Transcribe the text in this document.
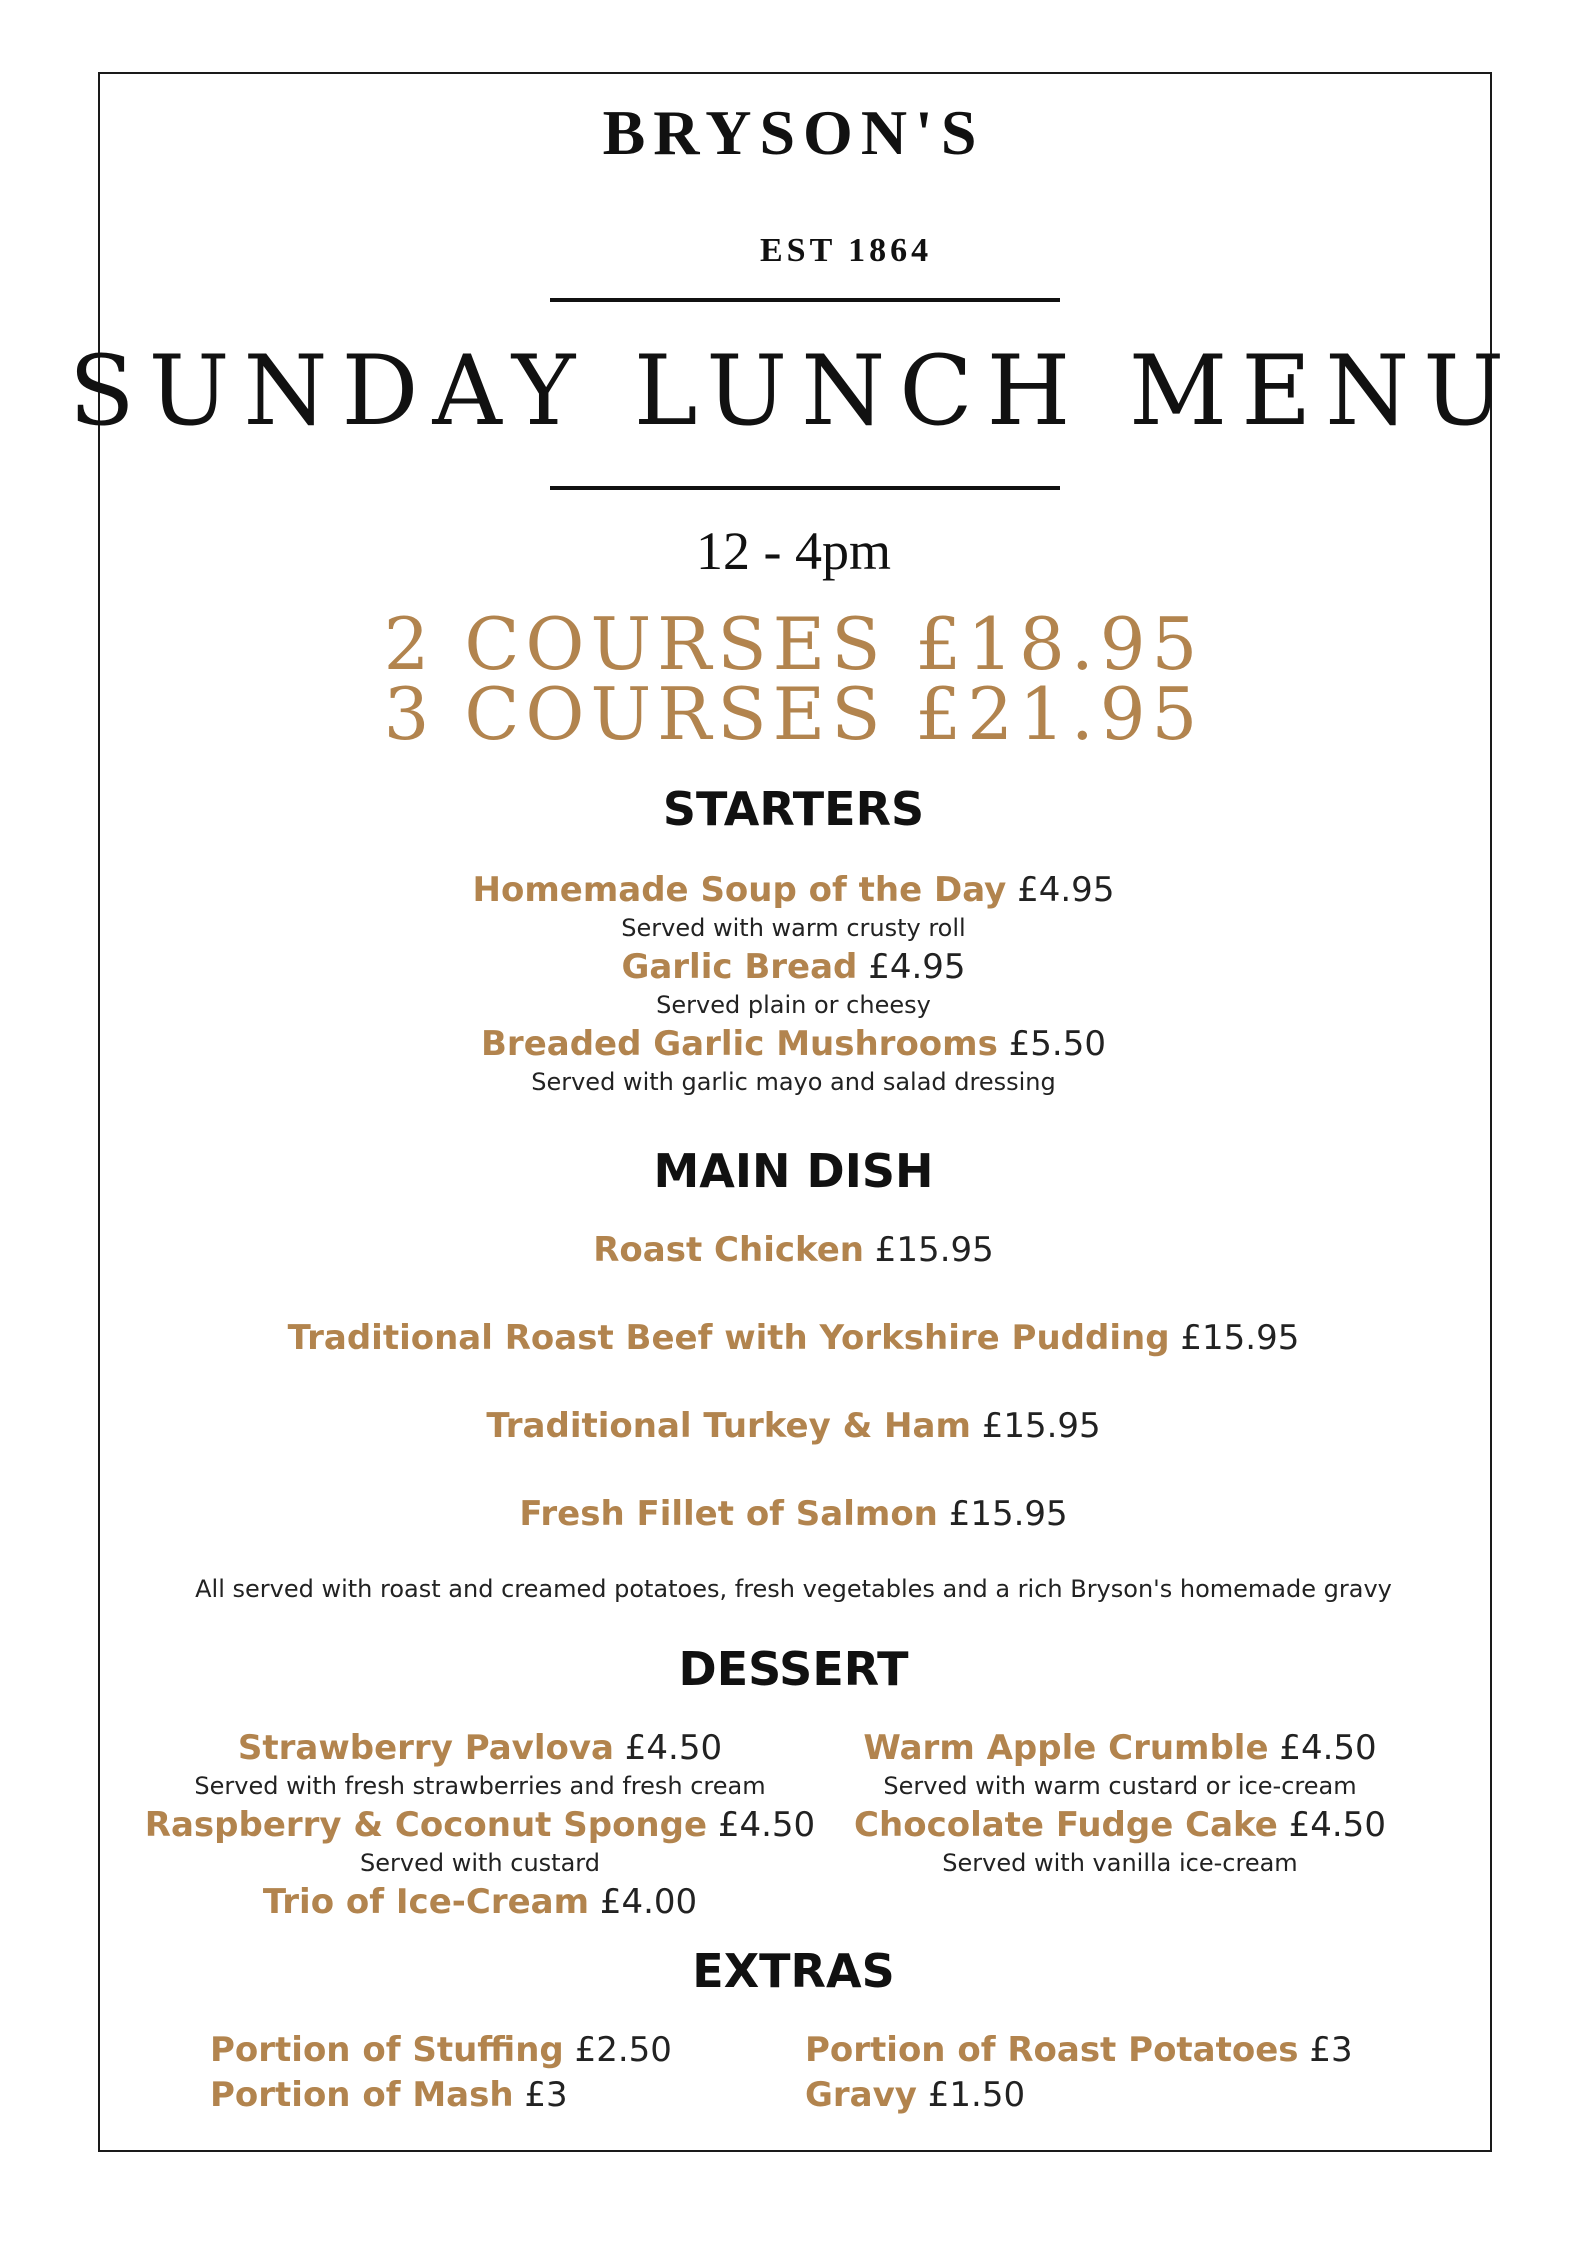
BRYSON'S
EST 1864
SUNDAY LUNCH MENU
12 - 4pm
2 COURSES £18.95
3 COURSES £21.95
STARTERS
Homemade Soup of the Day £4.95
Served with warm crusty roll
Garlic Bread £4.95
Served plain or cheesy
Breaded Garlic Mushrooms £5.50
Served with garlic mayo and salad dressing
MAIN DISH
Roast Chicken £15.95
Traditional Roast Beef with Yorkshire Pudding £15.95
Traditional Turkey & Ham £15.95
Fresh Fillet of Salmon £15.95
All served with roast and creamed potatoes, fresh vegetables and a rich Bryson's homemade gravy
DESSERT
Strawberry Pavlova £4.50
Served with fresh strawberries and fresh cream
Raspberry & Coconut Sponge £4.50
Served with custard
Trio of Ice-Cream £4.00
Warm Apple Crumble £4.50
Served with warm custard or ice-cream
Chocolate Fudge Cake £4.50
Served with vanilla ice-cream
EXTRAS
Portion of Stuffing £2.50
Portion of Mash £3
Portion of Roast Potatoes £3
Gravy £1.50
